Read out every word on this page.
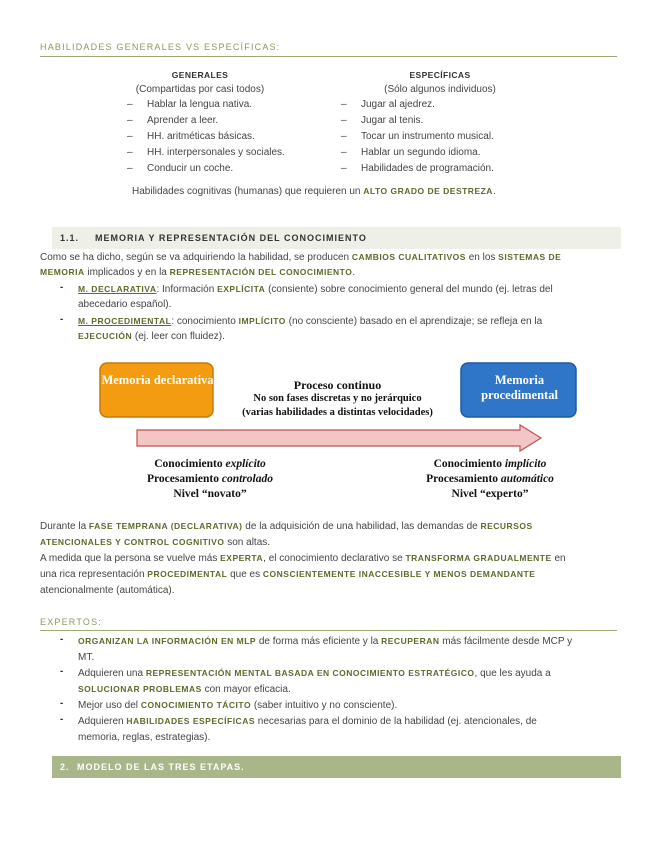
HABILIDADES GENERALES VS ESPECÍFICAS:
GENERALES
(Compartidas por casi todos)
– Hablar la lengua nativa.
– Aprender a leer.
– HH. aritméticas básicas.
– HH. interpersonales y sociales.
– Conducir un coche.
ESPECÍFICAS
(Sólo algunos individuos)
– Jugar al ajedrez.
– Jugar al tenis.
– Tocar un instrumento musical.
– Hablar un segundo idioma.
– Habilidades de programación.
Habilidades cognitivas (humanas) que requieren un ALTO GRADO DE DESTREZA.
1.1. MEMORIA Y REPRESENTACIÓN DEL CONOCIMIENTO
Como se ha dicho, según se va adquiriendo la habilidad, se producen CAMBIOS CUALITATIVOS en los SISTEMAS DE
MEMORIA implicados y en la REPRESENTACIÓN DEL CONOCIMIENTO.
- M. DECLARATIVA: Información EXPLÍCITA (consiente) sobre conocimiento general del mundo (ej. letras del
abecedario español).
- M. PROCEDIMENTAL: conocimiento IMPLÍCITO (no consciente) basado en el aprendizaje; se refleja en la
EJECUCIÓN (ej. leer con fluidez).
Memoria declarativa	Memoria procedimental
Proceso continuo
No son fases discretas y no jerárquico
(varias habilidades a distintas velocidades)
Conocimiento explícito
Procesamiento controlado
Nivel “novato”
Conocimiento implícito
Procesamiento automático
Nivel “experto”
Durante la FASE TEMPRANA (DECLARATIVA) de la adquisición de una habilidad, las demandas de RECURSOS
ATENCIONALES Y CONTROL COGNITIVO son altas.
A medida que la persona se vuelve más EXPERTA, el conocimiento declarativo se TRANSFORMA GRADUALMENTE en
una rica representación PROCEDIMENTAL que es CONSCIENTEMENTE INACCESIBLE Y MENOS DEMANDANTE
atencionalmente (automática).
EXPERTOS:
- ORGANIZAN LA INFORMACIÓN EN MLP de forma más eficiente y la RECUPERAN más fácilmente desde MCP y
MT.
- Adquieren una REPRESENTACIÓN MENTAL BASADA EN CONOCIMIENTO ESTRATÉGICO, que les ayuda a
SOLUCIONAR PROBLEMAS con mayor eficacia.
- Mejor uso del CONOCIMIENTO TÁCITO (saber intuitivo y no consciente).
- Adquieren HABILIDADES ESPECÍFICAS necesarias para el dominio de la habilidad (ej. atencionales, de
memoria, reglas, estrategias).
2. MODELO DE LAS TRES ETAPAS.
